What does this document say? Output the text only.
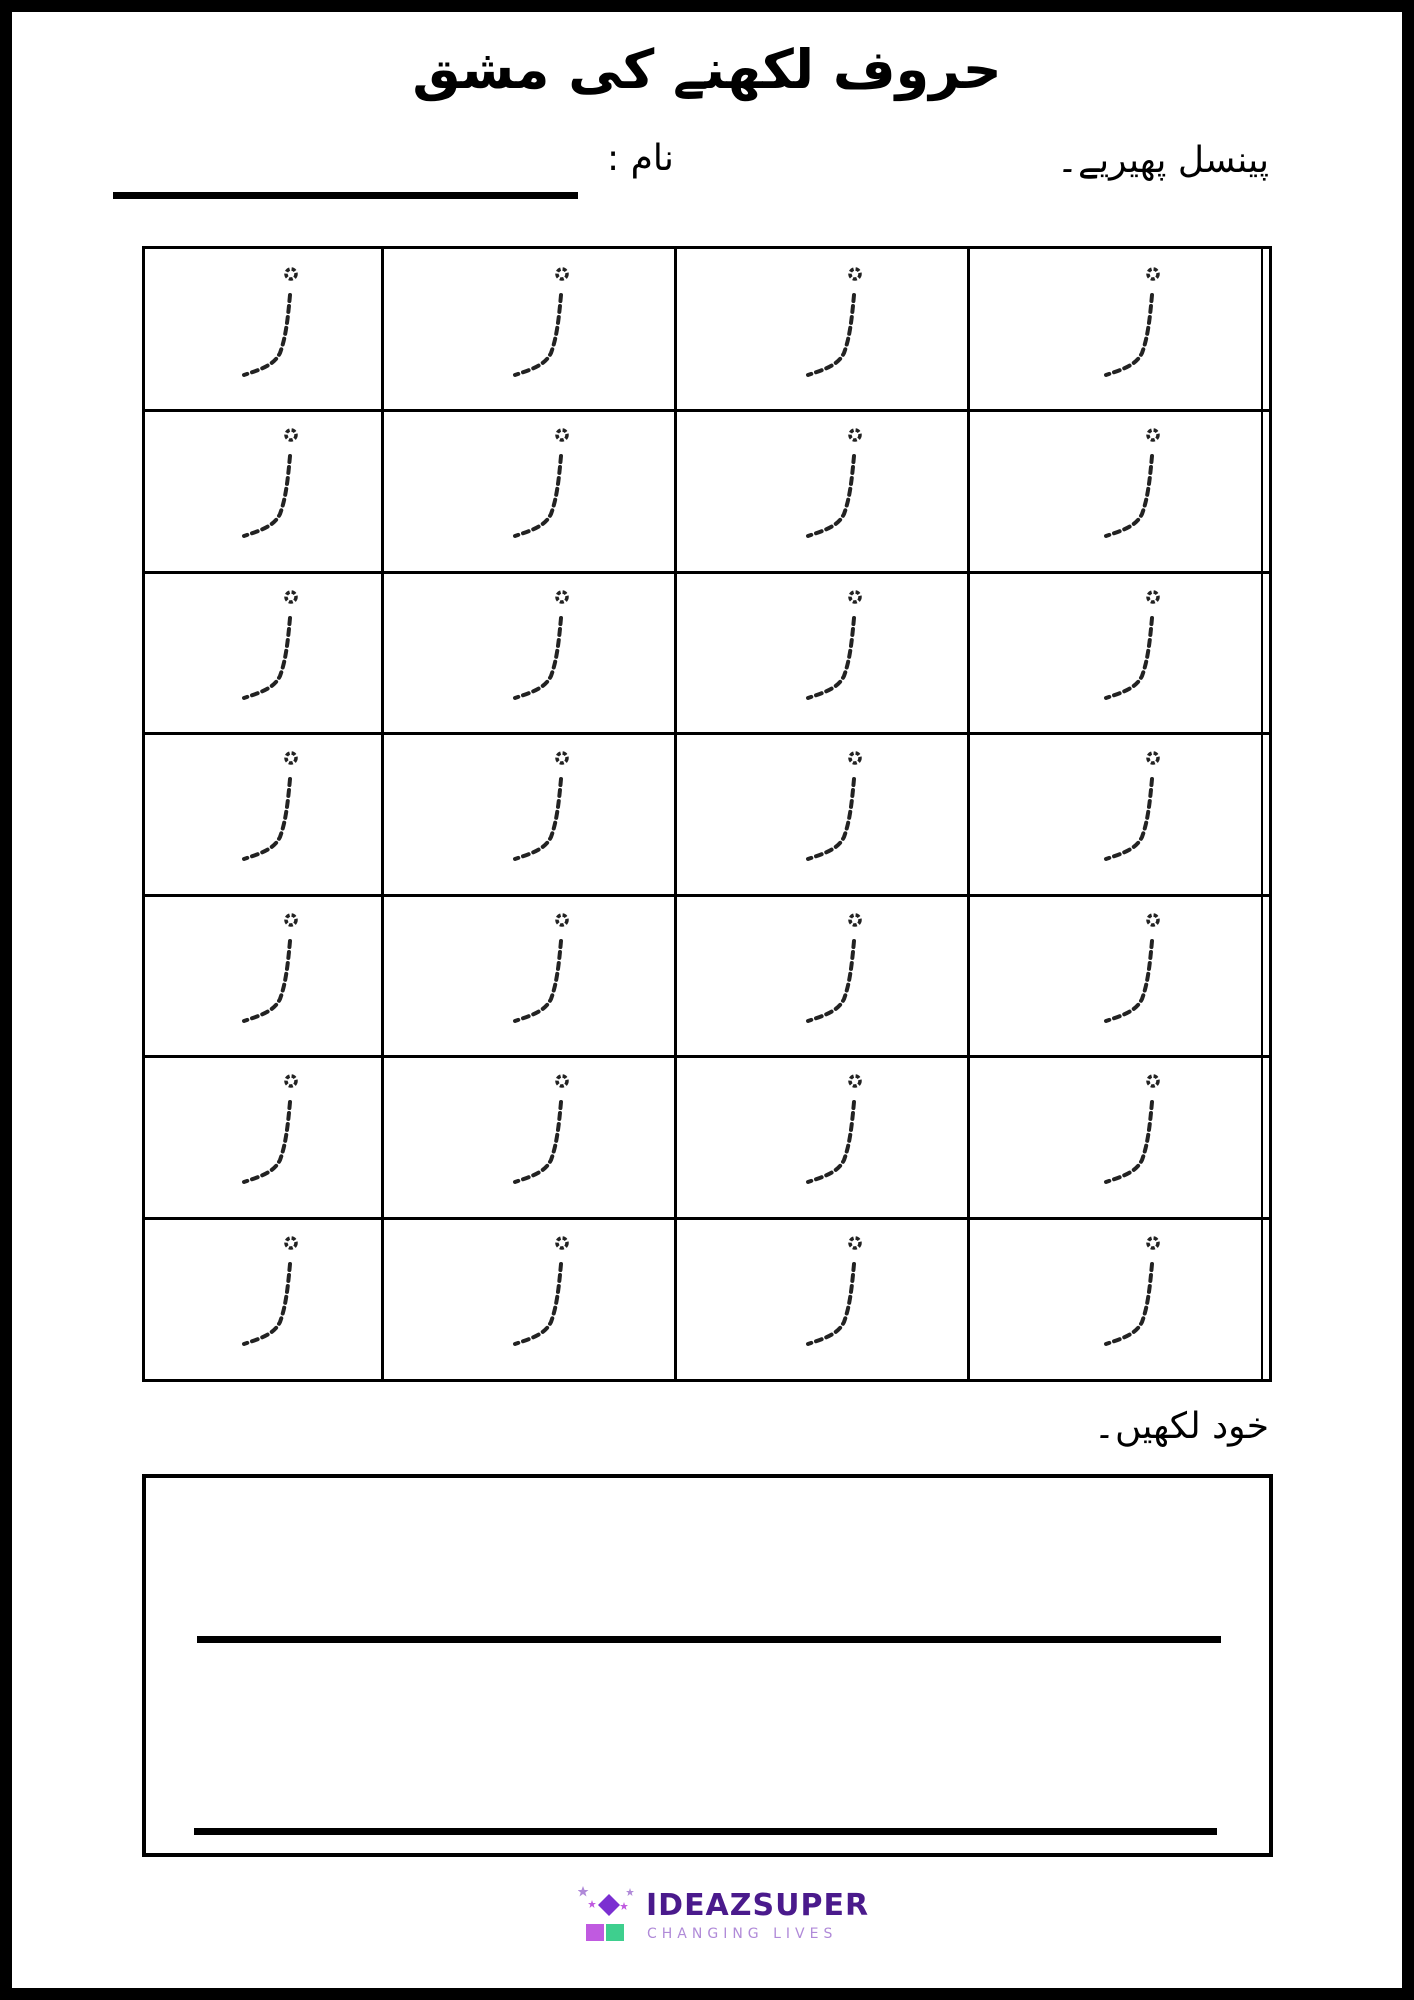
حروف لکھنے کی مشق
پینسل پھیریے۔
نام :
خود لکھیں۔
IDEAZSUPER
CHANGING LIVES
